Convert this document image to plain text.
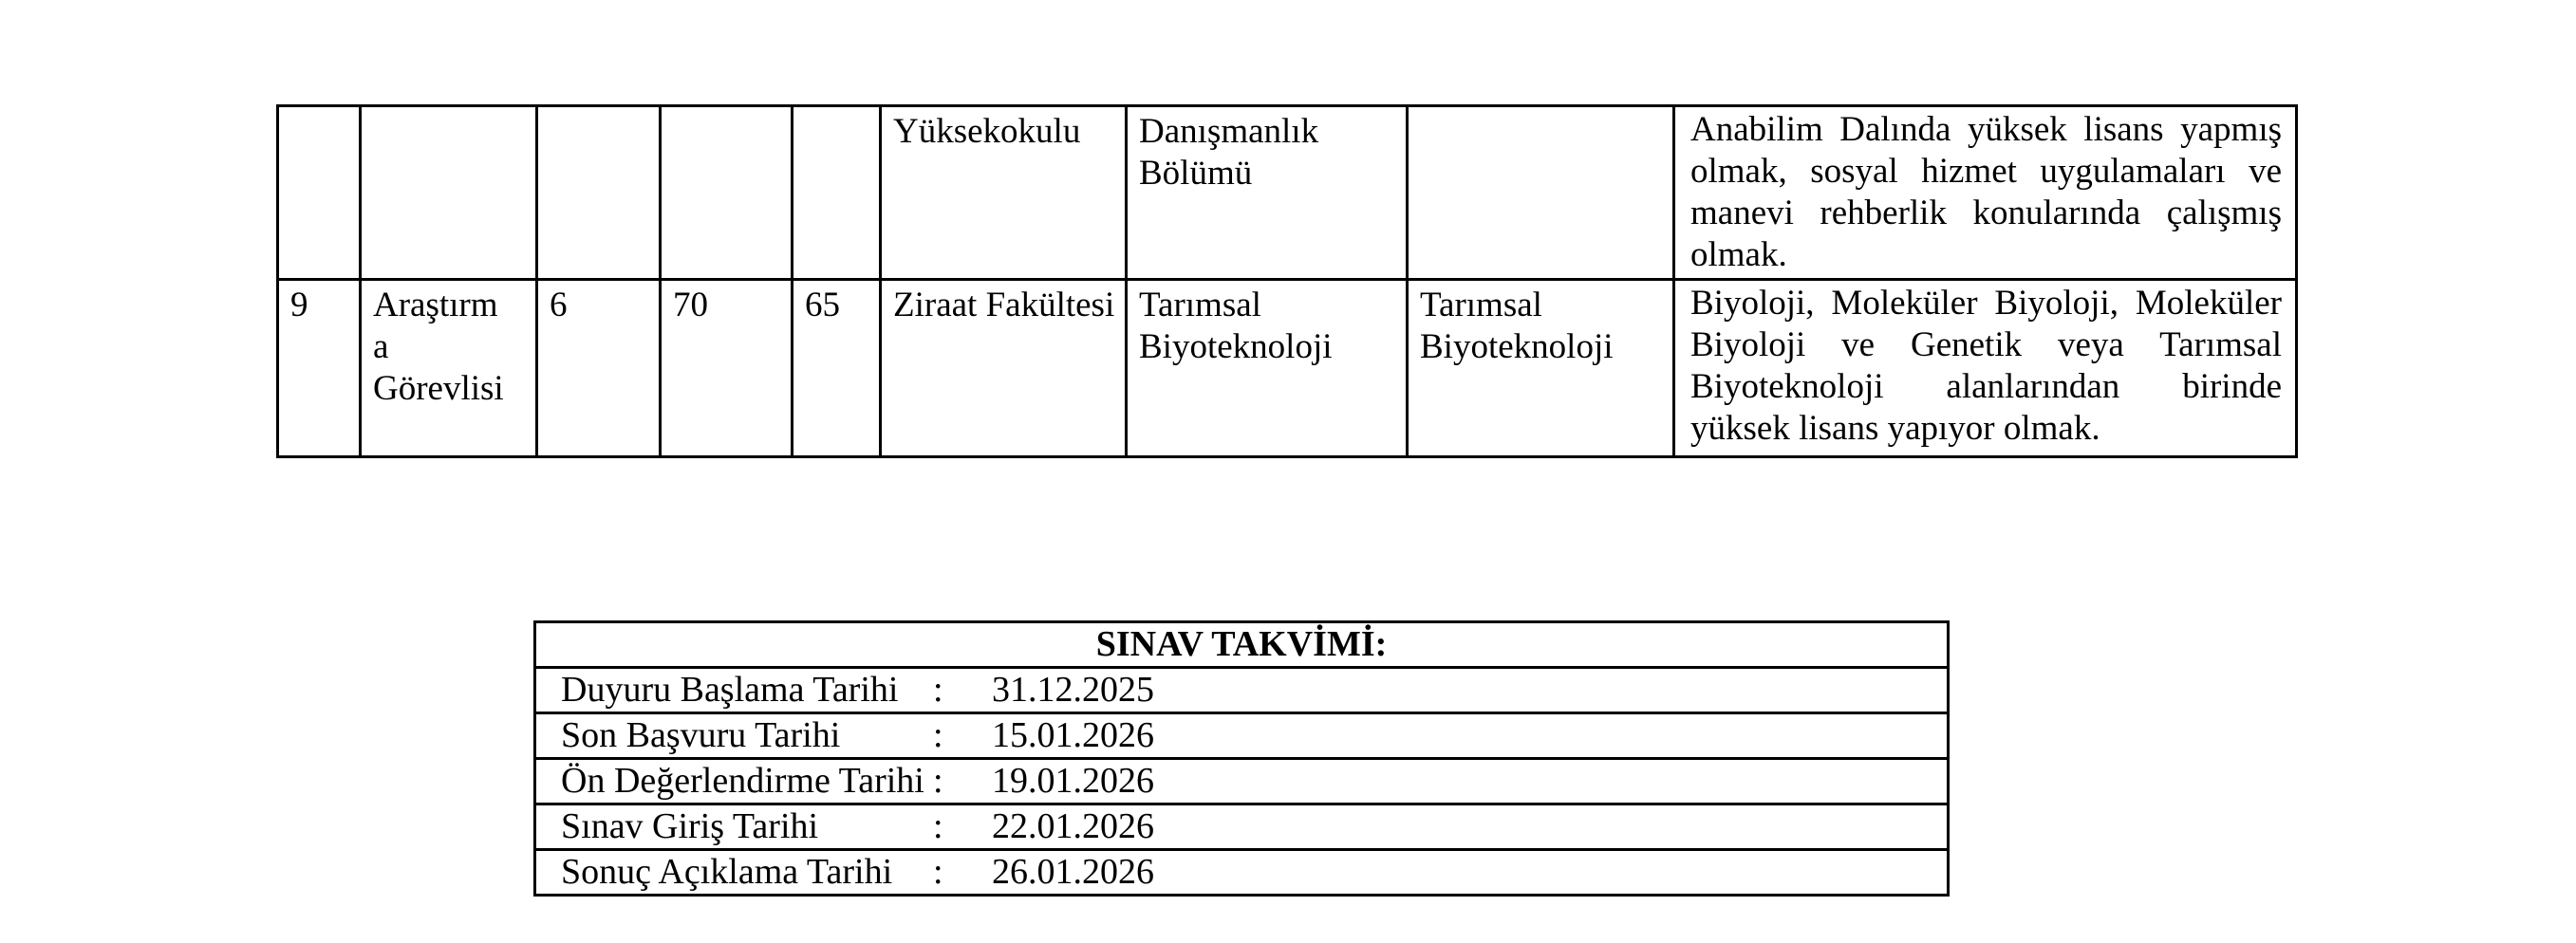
					Yüksekokulu	Danışmanlık Bölümü		Anabilim Dalında yüksek lisans yapmış olmak, sosyal hizmet uygulamaları ve manevi rehberlik konularında çalışmış olmak.
9	Araştırma Görevlisi	6	70	65	Ziraat Fakültesi	Tarımsal Biyoteknoloji	Tarımsal Biyoteknoloji	Biyoloji, Moleküler Biyoloji, Moleküler Biyoloji ve Genetik veya Tarımsal Biyoteknoloji alanlarından birinde yüksek lisans yapıyor olmak.
SINAV TAKVİMİ:

Duyuru Başlama Tarihi : 31.12.2025

Son Başvuru Tarihi	: 15.01.2026

Ön Değerlendirme Tarihi : 19.01.2026

Sınav Giriş Tarihi	: 22.01.2026

Sonuç Açıklama Tarihi	: 26.01.2026
